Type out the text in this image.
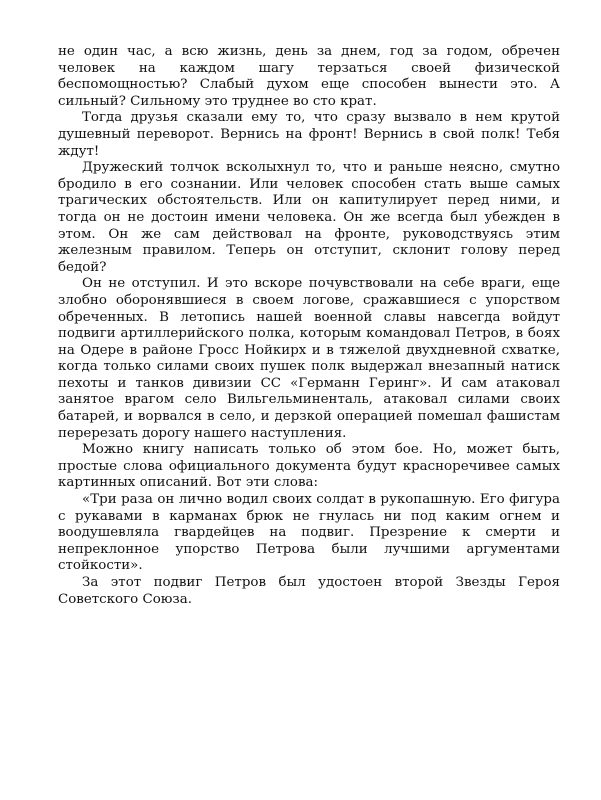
не один час, а всю жизнь, день за днем, год за годом, обречен человек на каждом шагу терзаться своей физической беспомощностью? Слабый духом еще способен вынести это. А сильный? Сильному это труднее во сто крат.

Тогда друзья сказали ему то, что сразу вызвало в нем крутой душевный переворот. Вернись на фронт! Вернись в свой полк! Тебя ждут!

Дружеский толчок всколыхнул то, что и раньше неясно, смутно бродило в его сознании. Или человек способен стать выше самых трагических обстоятельств. Или он капитулирует перед ними, и тогда он не достоин имени человека. Он же всегда был убежден в этом. Он же сам действовал на фронте, руководствуясь этим железным правилом. Теперь он отступит, склонит голову перед бедой?

Он не отступил. И это вскоре почувствовали на себе враги, еще злобно оборонявшиеся в своем логове, сражавшиеся с упорством обреченных. В летопись нашей военной славы навсегда войдут подвиги артиллерийского полка, которым командовал Петров, в боях на Одере в районе Гросс Нойкирх и в тяжелой двухдневной схватке, когда только силами своих пушек полк выдержал внезапный натиск пехоты и танков дивизии СС «Германн Геринг». И сам атаковал занятое врагом село Вильгельминенталь, атаковал силами своих батарей, и ворвался в село, и дерзкой операцией помешал фашистам перерезать дорогу нашего наступления.

Можно книгу написать только об этом бое. Но, может быть, простые слова официального документа будут красноречивее самых картинных описаний. Вот эти слова:

«Три раза он лично водил своих солдат в рукопашную. Его фигура с рукавами в карманах брюк не гнулась ни под каким огнем и воодушевляла гвардейцев на подвиг. Презрение к смерти и непреклонное упорство Петрова были лучшими аргументами стойкости».

За этот подвиг Петров был удостоен второй Звезды Героя Советского Союза.
